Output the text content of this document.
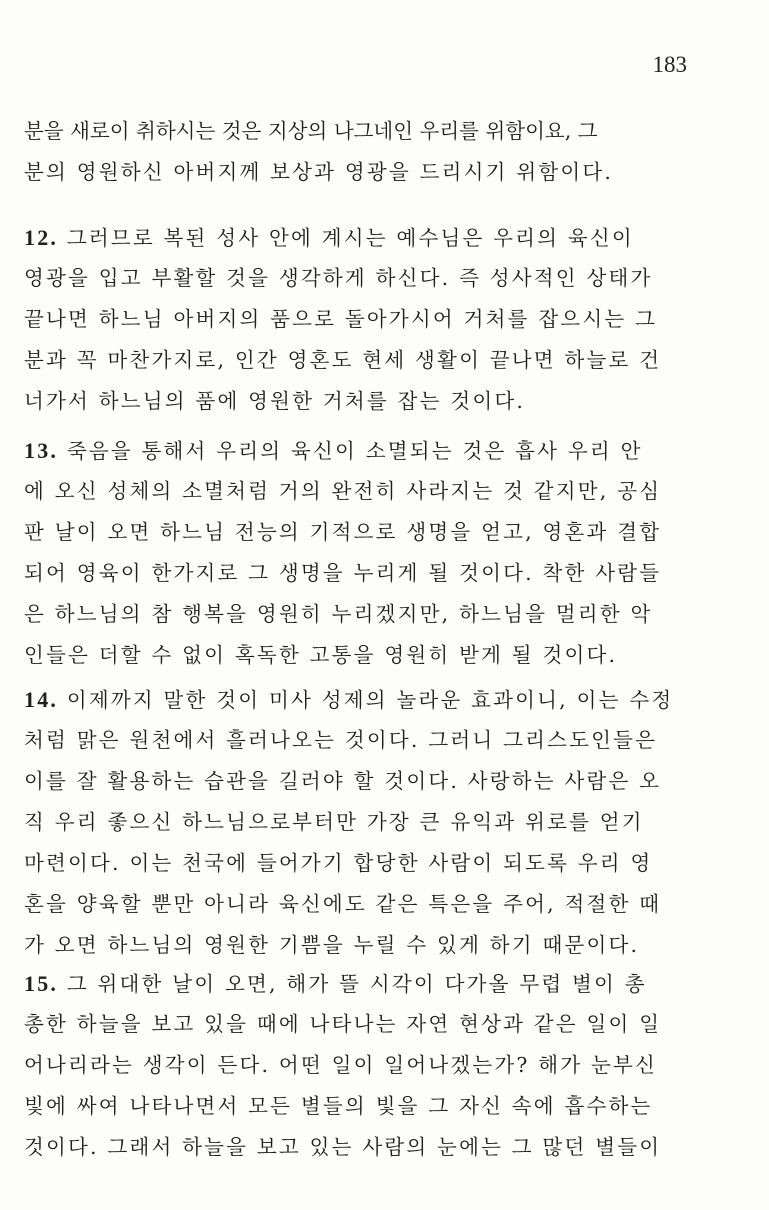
183
분을 새로이 취하시는 것은 지상의 나그네인 우리를 위함이요, 그
분의 영원하신 아버지께 보상과 영광을 드리시기 위함이다.
12. 그러므로 복된 성사 안에 계시는 예수님은 우리의 육신이
영광을 입고 부활할 것을 생각하게 하신다. 즉 성사적인 상태가
끝나면 하느님 아버지의 품으로 돌아가시어 거처를 잡으시는 그
분과 꼭 마찬가지로, 인간 영혼도 현세 생활이 끝나면 하늘로 건
너가서 하느님의 품에 영원한 거처를 잡는 것이다.
13. 죽음을 통해서 우리의 육신이 소멸되는 것은 흡사 우리 안
에 오신 성체의 소멸처럼 거의 완전히 사라지는 것 같지만, 공심
판 날이 오면 하느님 전능의 기적으로 생명을 얻고, 영혼과 결합
되어 영육이 한가지로 그 생명을 누리게 될 것이다. 착한 사람들
은 하느님의 참 행복을 영원히 누리겠지만, 하느님을 멀리한 악
인들은 더할 수 없이 혹독한 고통을 영원히 받게 될 것이다.
14. 이제까지 말한 것이 미사 성제의 놀라운 효과이니, 이는 수정
처럼 맑은 원천에서 흘러나오는 것이다. 그러니 그리스도인들은
이를 잘 활용하는 습관을 길러야 할 것이다. 사랑하는 사람은 오
직 우리 좋으신 하느님으로부터만 가장 큰 유익과 위로를 얻기
마련이다. 이는 천국에 들어가기 합당한 사람이 되도록 우리 영
혼을 양육할 뿐만 아니라 육신에도 같은 특은을 주어, 적절한 때
가 오면 하느님의 영원한 기쁨을 누릴 수 있게 하기 때문이다.
15. 그 위대한 날이 오면, 해가 뜰 시각이 다가올 무렵 별이 총
총한 하늘을 보고 있을 때에 나타나는 자연 현상과 같은 일이 일
어나리라는 생각이 든다. 어떤 일이 일어나겠는가? 해가 눈부신
빛에 싸여 나타나면서 모든 별들의 빛을 그 자신 속에 흡수하는
것이다. 그래서 하늘을 보고 있는 사람의 눈에는 그 많던 별들이
